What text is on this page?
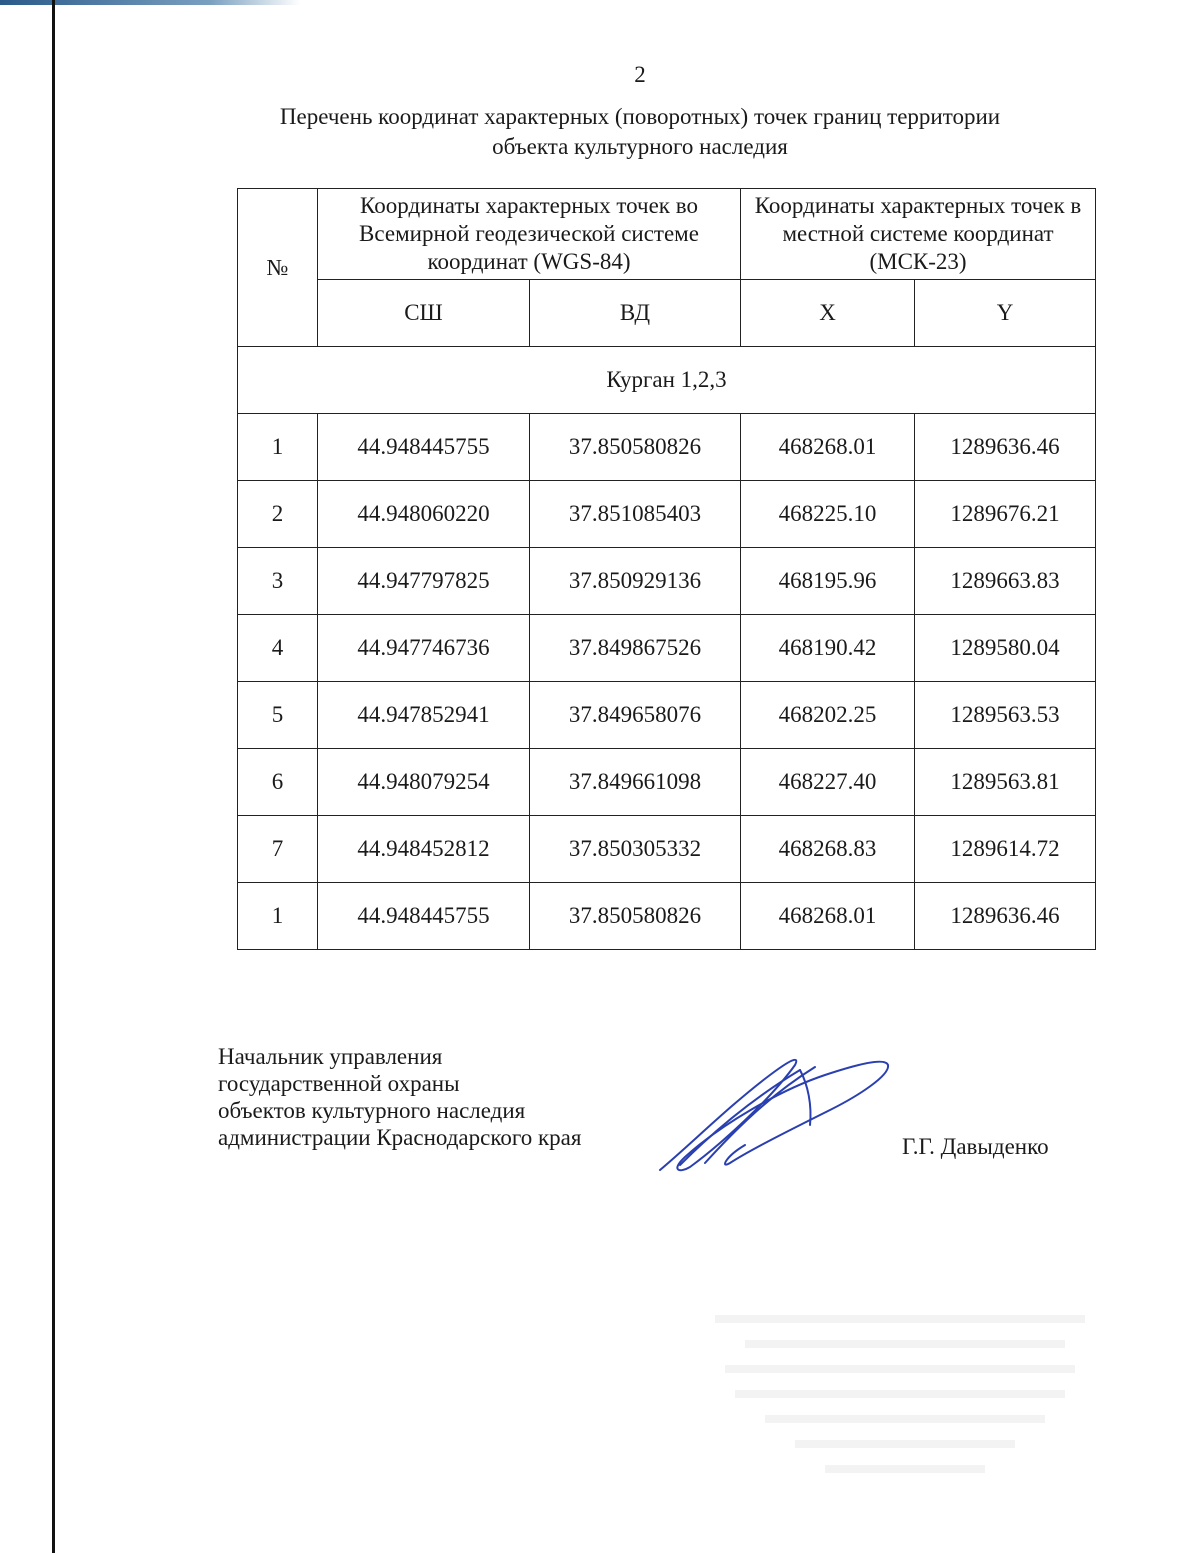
2
Перечень координат характерных (поворотных) точек границ территории
объекта культурного наследия
№	Координаты характерных точек во Всемирной геодезической системе координат (WGS-84)		Координаты характерных точек в местной системе координат (МСК-23)	
	СШ	ВД	X	Y
Курган 1,2,3				
1	44.948445755	37.850580826	468268.01	1289636.46
2	44.948060220	37.851085403	468225.10	1289676.21
3	44.947797825	37.850929136	468195.96	1289663.83
4	44.947746736	37.849867526	468190.42	1289580.04
5	44.947852941	37.849658076	468202.25	1289563.53
6	44.948079254	37.849661098	468227.40	1289563.81
7	44.948452812	37.850305332	468268.83	1289614.72
1	44.948445755	37.850580826	468268.01	1289636.46
Начальник управления
государственной охраны
объектов культурного наследия
администрации Краснодарского края	Г.Г. Давыденко
